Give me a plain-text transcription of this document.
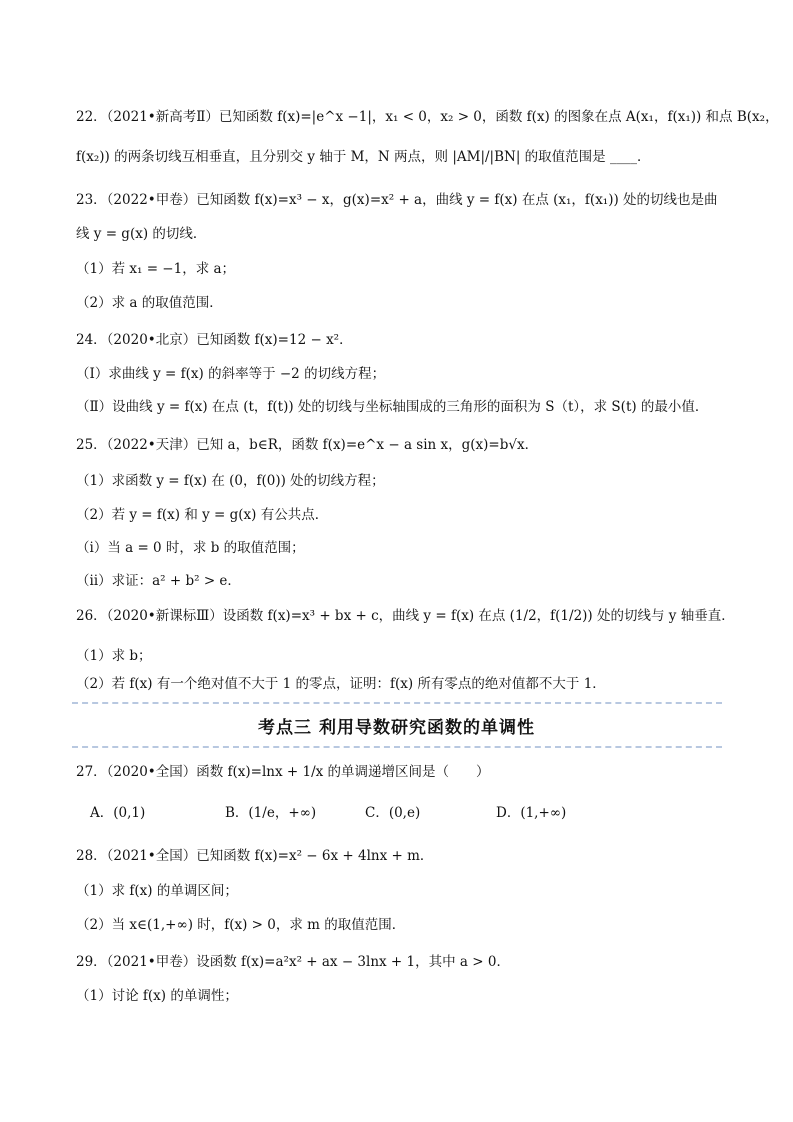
22．（2021•新高考Ⅱ）已知函数 f(x)=|e^x −1|，x₁ < 0，x₂ > 0，函数 f(x) 的图象在点 A(x₁，f(x₁)) 和点 B(x₂，
f(x₂)) 的两条切线互相垂直，且分别交 y 轴于 M，N 两点，则 |AM|/|BN| 的取值范围是 ____．
23．（2022•甲卷）已知函数 f(x)=x³ − x，g(x)=x² + a，曲线 y = f(x) 在点 (x₁，f(x₁)) 处的切线也是曲
线 y = g(x) 的切线．
（1）若 x₁ = −1，求 a；
（2）求 a 的取值范围．
24．（2020•北京）已知函数 f(x)=12 − x²．
（Ⅰ）求曲线 y = f(x) 的斜率等于 −2 的切线方程；
（Ⅱ）设曲线 y = f(x) 在点 (t，f(t)) 处的切线与坐标轴围成的三角形的面积为 S（t），求 S(t) 的最小值．
25．（2022•天津）已知 a，b∈R，函数 f(x)=e^x − a sin x，g(x)=b√x．
（1）求函数 y = f(x) 在 (0，f(0)) 处的切线方程；
（2）若 y = f(x) 和 y = g(x) 有公共点．
（ⅰ）当 a = 0 时，求 b 的取值范围；
（ⅱ）求证：a² + b² > e．
26．（2020•新课标Ⅲ）设函数 f(x)=x³ + bx + c，曲线 y = f(x) 在点 (1/2，f(1/2)) 处的切线与 y 轴垂直．
（1）求 b；
（2）若 f(x) 有一个绝对值不大于 1 的零点，证明：f(x) 所有零点的绝对值都不大于 1．
考点三 利用导数研究函数的单调性
27．（2020•全国）函数 f(x)=lnx + 1/x 的单调递增区间是（　　）
A．(0,1)	B．(1/e，+∞)	C．(0,e)	D．(1,+∞)
28．（2021•全国）已知函数 f(x)=x² − 6x + 4lnx + m．
（1）求 f(x) 的单调区间；
（2）当 x∈(1,+∞) 时，f(x) > 0，求 m 的取值范围．
29．（2021•甲卷）设函数 f(x)=a²x² + ax − 3lnx + 1，其中 a > 0．
（1）讨论 f(x) 的单调性；
